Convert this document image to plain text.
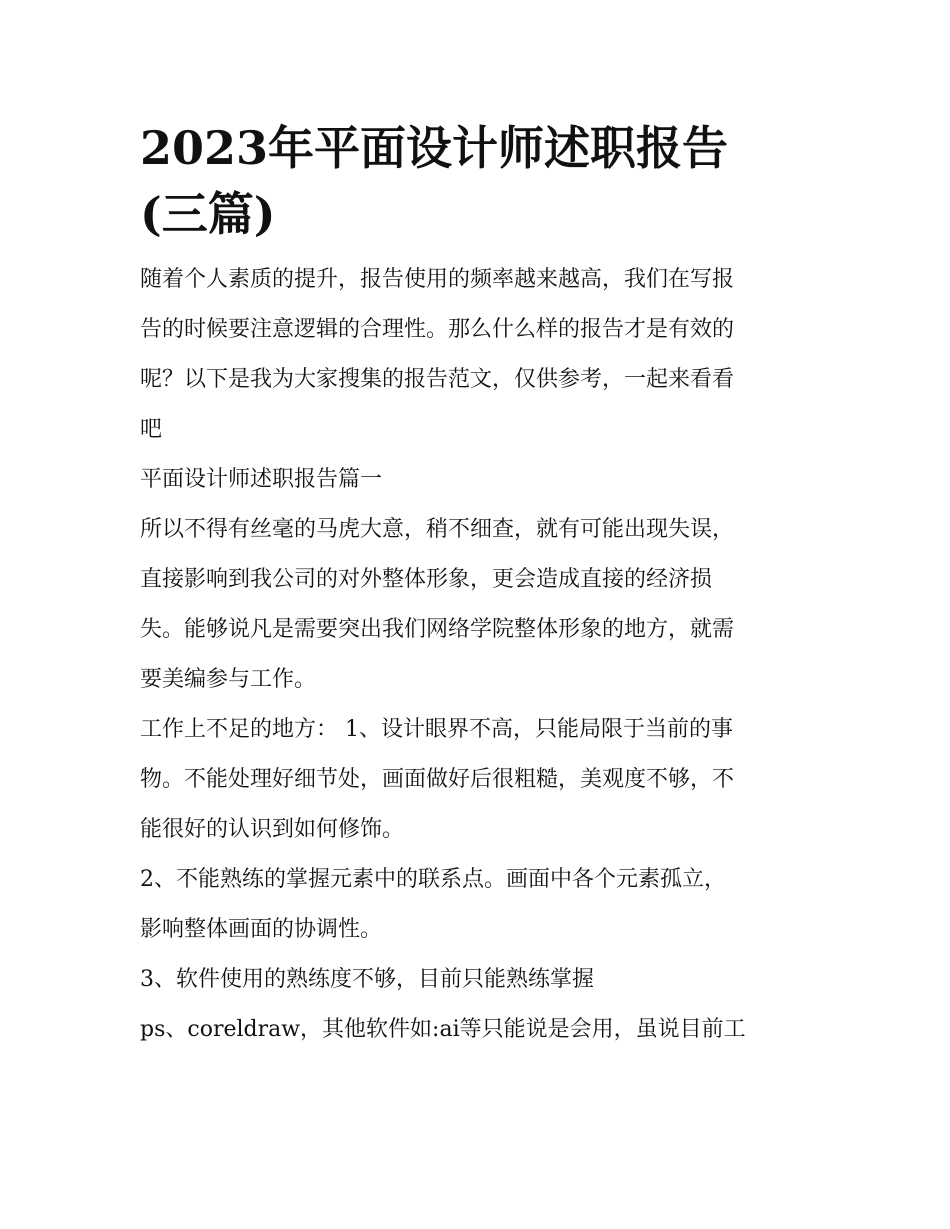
2023年平面设计师述职报告
(三篇)

随着个人素质的提升，报告使用的频率越来越高，我们在写报
告的时候要注意逻辑的合理性。那么什么样的报告才是有效的
呢？以下是我为大家搜集的报告范文，仅供参考，一起来看看
吧

平面设计师述职报告篇一

所以不得有丝毫的马虎大意，稍不细查，就有可能出现失误，
直接影响到我公司的对外整体形象，更会造成直接的经济损
失。能够说凡是需要突出我们网络学院整体形象的地方，就需
要美编参与工作。

工作上不足的地方： 1、设计眼界不高，只能局限于当前的事
物。不能处理好细节处，画面做好后很粗糙，美观度不够，不
能很好的认识到如何修饰。

2、不能熟练的掌握元素中的联系点。画面中各个元素孤立，
影响整体画面的协调性。

3、软件使用的熟练度不够，目前只能熟练掌握
ps、coreldraw，其他软件如:ai等只能说是会用，虽说目前工
